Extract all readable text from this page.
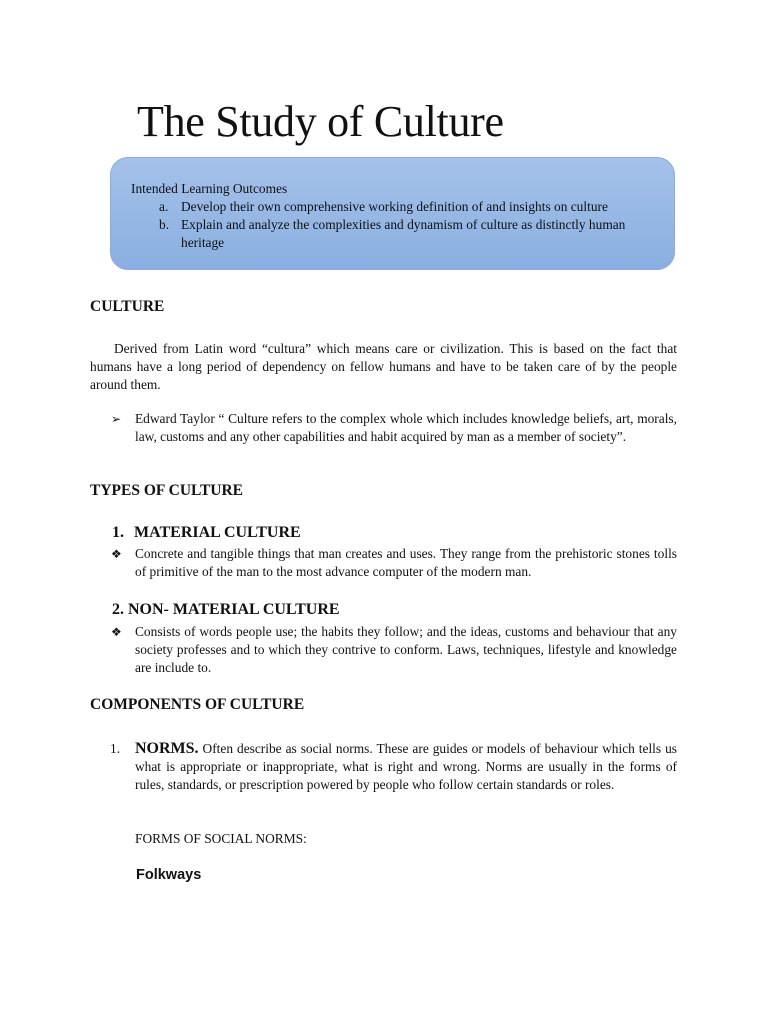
The Study of Culture
Intended Learning Outcomes
a. Develop their own comprehensive working definition of and insights on culture
b. Explain and analyze the complexities and dynamism of culture as distinctly human heritage
CULTURE

Derived from Latin word “cultura” which means care or civilization. This is based on the fact that humans have a long period of dependency on fellow humans and have to be taken care of by the people around them.

➢ Edward Taylor “ Culture refers to the complex whole which includes knowledge beliefs, art, morals, law, customs and any other capabilities and habit acquired by man as a member of society”.
TYPES OF CULTURE
1. MATERIAL CULTURE
❖ Concrete and tangible things that man creates and uses. They range from the prehistoric stones tolls of primitive of the man to the most advance computer of the modern man.
2. NON- MATERIAL CULTURE
❖ Consists of words people use; the habits they follow; and the ideas, customs and behaviour that any society professes and to which they contrive to conform. Laws, techniques, lifestyle and knowledge are include to.
COMPONENTS OF CULTURE
1. NORMS. Often describe as social norms. These are guides or models of behaviour which tells us what is appropriate or inappropriate, what is right and wrong. Norms are usually in the forms of rules, standards, or prescription powered by people who follow certain standards or roles.

FORMS OF SOCIAL NORMS:

Folkways
